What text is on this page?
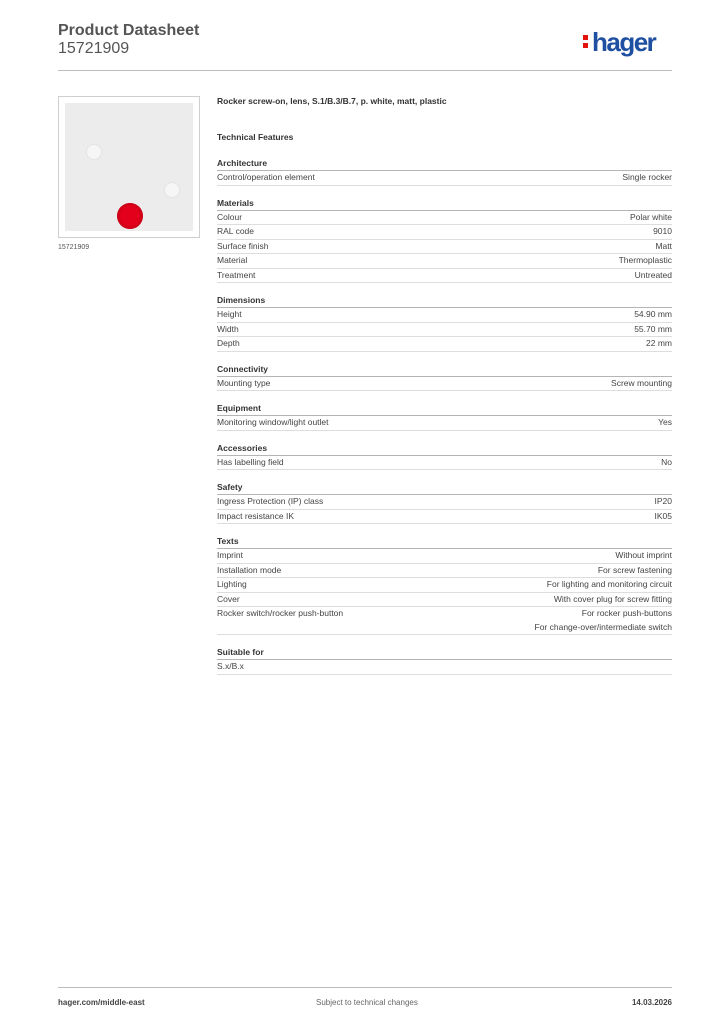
Product Datasheet
15721909	hager
15721909
Rocker screw-on, lens, S.1/B.3/B.7, p. white, matt, plastic
Technical Features
Architecture
Control/operation element	Single rocker
Materials
Colour	Polar white
RAL code	9010
Surface finish	Matt
Material	Thermoplastic
Treatment	Untreated
Dimensions
Height	54.90 mm
Width	55.70 mm
Depth	22 mm
Connectivity
Mounting type	Screw mounting
Equipment
Monitoring window/light outlet	Yes
Accessories
Has labelling field	No
Safety
Ingress Protection (IP) class	IP20
Impact resistance IK	IK05
Texts
Imprint	Without imprint
Installation mode	For screw fastening
Lighting	For lighting and monitoring circuit
Cover	With cover plug for screw fitting
Rocker switch/rocker push-button	For rocker push-buttons
For change-over/intermediate switch
Suitable for
S.x/B.x
hager.com/middle-east	Subject to technical changes	14.03.2026
